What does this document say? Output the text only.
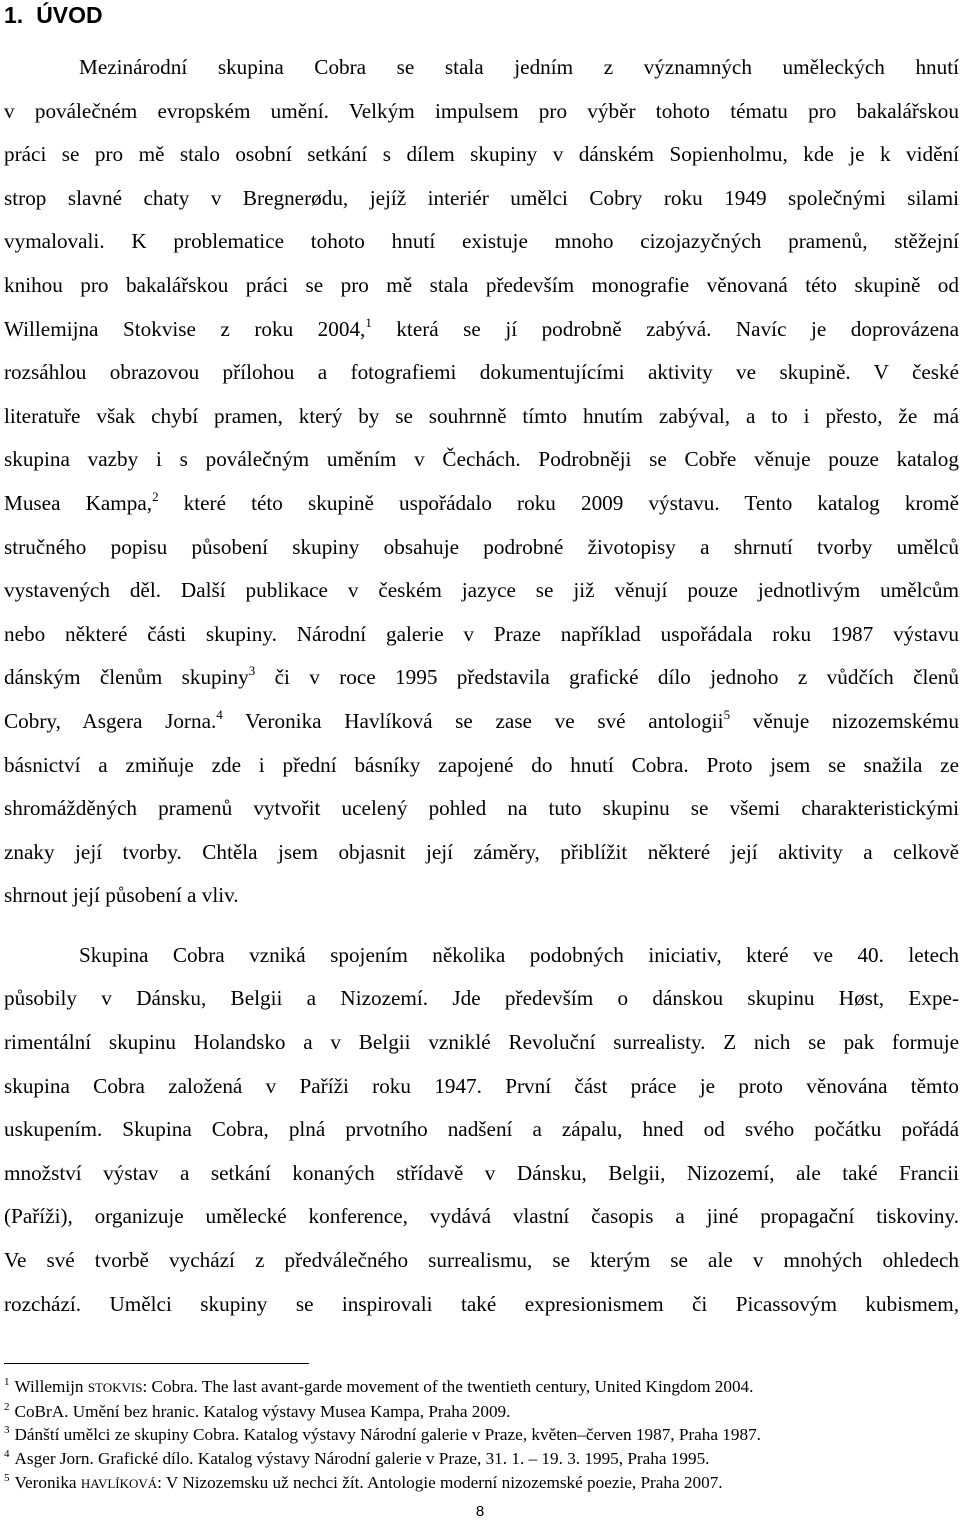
1. ÚVOD

Mezinárodní skupina Cobra se stala jedním z významných uměleckých hnutí
v poválečném evropském umění. Velkým impulsem pro výběr tohoto tématu pro bakalářskou
práci se pro mě stalo osobní setkání s dílem skupiny v dánském Sopienholmu, kde je k vidění
strop slavné chaty v Bregnerødu, jejíž interiér umělci Cobry roku 1949 společnými silami
vymalovali. K problematice tohoto hnutí existuje mnoho cizojazyčných pramenů, stěžejní
knihou pro bakalářskou práci se pro mě stala především monografie věnovaná této skupině od
Willemijna Stokvise z roku 2004,$^1$ která se jí podrobně zabývá. Navíc je doprovázena
rozsáhlou obrazovou přílohou a fotografiemi dokumentujícími aktivity ve skupině. V české
literatuře však chybí pramen, který by se souhrnně tímto hnutím zabýval, a to i přesto, že má
skupina vazby i s poválečným uměním v Čechách. Podrobněji se Cobře věnuje pouze katalog
Musea Kampa,$^2$ které této skupině uspořádalo roku 2009 výstavu. Tento katalog kromě
stručného popisu působení skupiny obsahuje podrobné životopisy a shrnutí tvorby umělců
vystavených děl. Další publikace v českém jazyce se již věnují pouze jednotlivým umělcům
nebo některé části skupiny. Národní galerie v Praze například uspořádala roku 1987 výstavu
dánským členům skupiny$^3$ či v roce 1995 představila grafické dílo jednoho z vůdčích členů
Cobry, Asgera Jorna.$^4$ Veronika Havlíková se zase ve své antologii$^5$ věnuje nizozemskému
básnictví a zmiňuje zde i přední básníky zapojené do hnutí Cobra. Proto jsem se snažila ze
shromážděných pramenů vytvořit ucelený pohled na tuto skupinu se všemi charakteristickými
znaky její tvorby. Chtěla jsem objasnit její záměry, přiblížit některé její aktivity a celkově
shrnout její působení a vliv.

Skupina Cobra vzniká spojením několika podobných iniciativ, které ve 40. letech
působily v Dánsku, Belgii a Nizozemí. Jde především o dánskou skupinu Høst, Expe-
rimentální skupinu Holandsko a v Belgii vzniklé Revoluční surrealisty. Z nich se pak formuje
skupina Cobra založená v Paříži roku 1947. První část práce je proto věnována těmto
uskupením. Skupina Cobra, plná prvotního nadšení a zápalu, hned od svého počátku pořádá
množství výstav a setkání konaných střídavě v Dánsku, Belgii, Nizozemí, ale také Francii
(Paříži), organizuje umělecké konference, vydává vlastní časopis a jiné propagační tiskoviny.
Ve své tvorbě vychází z předválečného surrealismu, se kterým se ale v mnohých ohledech
rozchází. Umělci skupiny se inspirovali také expresionismem či Picassovým kubismem,

$^1$ Willemijn STOKVIS: Cobra. The last avant-garde movement of the twentieth century, United Kingdom 2004.
$^2$ CoBrA. Umění bez hranic. Katalog výstavy Musea Kampa, Praha 2009.
$^3$ Dánští umělci ze skupiny Cobra. Katalog výstavy Národní galerie v Praze, květen–červen 1987, Praha 1987.
$^4$ Asger Jorn. Grafické dílo. Katalog výstavy Národní galerie v Praze, 31. 1. – 19. 3. 1995, Praha 1995.
$^5$ Veronika HAVLÍKOVÁ: V Nizozemsku už nechci žít. Antologie moderní nizozemské poezie, Praha 2007.
8
